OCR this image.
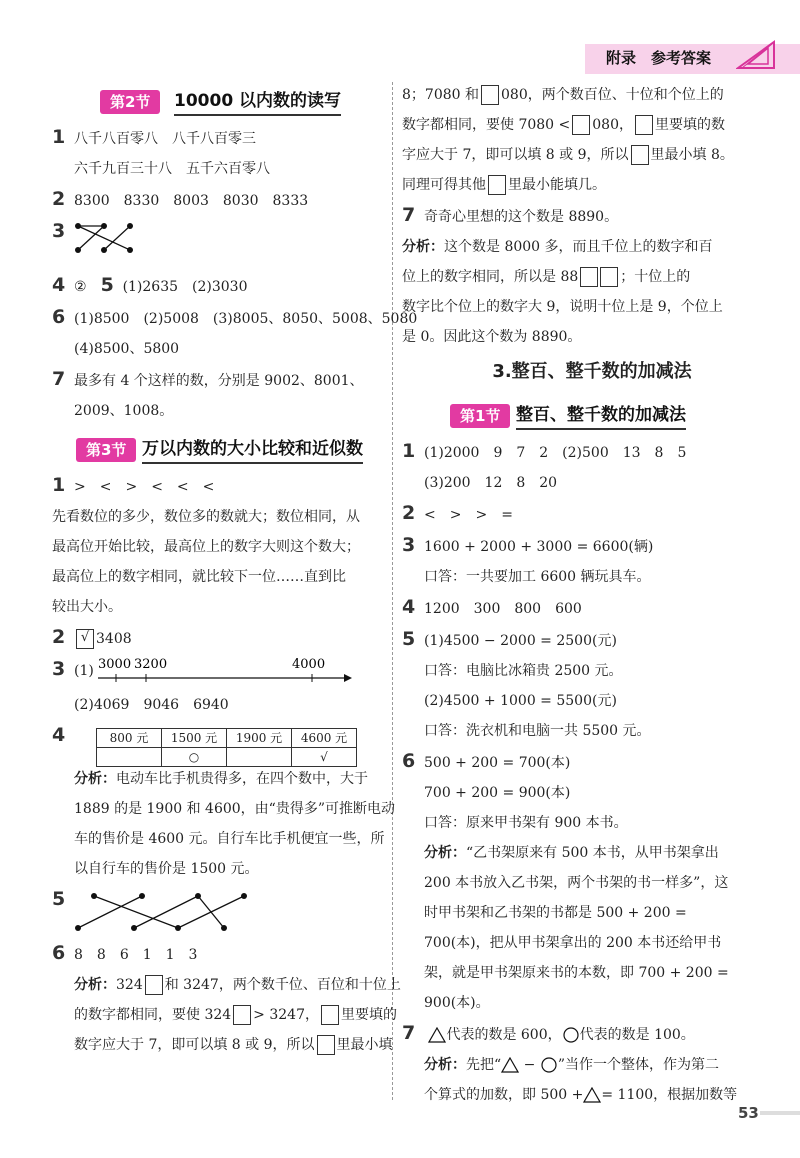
附录　参考答案
第2节	10000 以内数的读写
1 八千八百零八　八千八百零三
六千九百三十八　五千六百零八
2 8300　8330　8003　8030　8333
3
4 ②　 5 (1)2635　(2)3030
6 (1)8500　(2)5008　(3)8005、8050、5008、5080
(4)8500、5800
7 最多有 4 个这样的数，分别是 9002、8001、
2009、1008。
第3节 万以内数的大小比较和近似数
1 >　<　>　<　<　<
先看数位的多少，数位多的数就大；数位相同，从
最高位开始比较，最高位上的数字大则这个数大；
最高位上的数字相同，就比较下一位……直到比
较出大小。
2 √ 3408
3 (1) 3000 3200	4000
(2)4069　9046　6940
4	800 元	1500 元	1900 元	4600 元
	○		√
分析：电动车比手机贵得多，在四个数中，大于
1889 的是 1900 和 4600，由“贵得多”可推断电动
车的售价是 4600 元。自行车比手机便宜一些，所
以自行车的售价是 1500 元。
5
6 8　8　6　1　1　3
分析：324 和 3247，两个数千位、百位和十位上
的数字都相同，要使 324 > 3247， 里要填的
数字应大于 7，即可以填 8 或 9，所以 里最小填
8；7080 和 080，两个数百位、十位和个位上的
数字都相同，要使 7080 < 080， 里要填的数
字应大于 7，即可以填 8 或 9，所以 里最小填 8。
同理可得其他 里最小能填几。
7 奇奇心里想的这个数是 8890。
分析：这个数是 8000 多，而且千位上的数字和百
位上的数字相同，所以是 88	；十位上的
数字比个位上的数字大 9，说明十位上是 9，个位上
是 0。因此这个数为 8890。
3.整百、整千数的加减法
第1节 整百、整千数的加减法
1 (1)2000　9　7　2　(2)500　13　8　5
(3)200　12　8　20
2 <　>　>　=
3 1600 + 2000 + 3000 = 6600(辆)
口答：一共要加工 6600 辆玩具车。
4 1200　300　800　600
5 (1)4500 − 2000 = 2500(元)
口答：电脑比冰箱贵 2500 元。
(2)4500 + 1000 = 5500(元)
口答：洗衣机和电脑一共 5500 元。
6 500 + 200 = 700(本)
700 + 200 = 900(本)
口答：原来甲书架有 900 本书。
分析：“乙书架原来有 500 本书，从甲书架拿出
200 本书放入乙书架，两个书架的书一样多”，这
时甲书架和乙书架的书都是 500 + 200 =
700(本)，把从甲书架拿出的 200 本书还给甲书
架，就是甲书架原来书的本数，即 700 + 200 =
900(本)。
7 代表的数是 600， 代表的数是 100。
分析：先把“ − ”当作一个整体，作为第二
个算式的加数，即 500 + = 1100，根据加数等
53
